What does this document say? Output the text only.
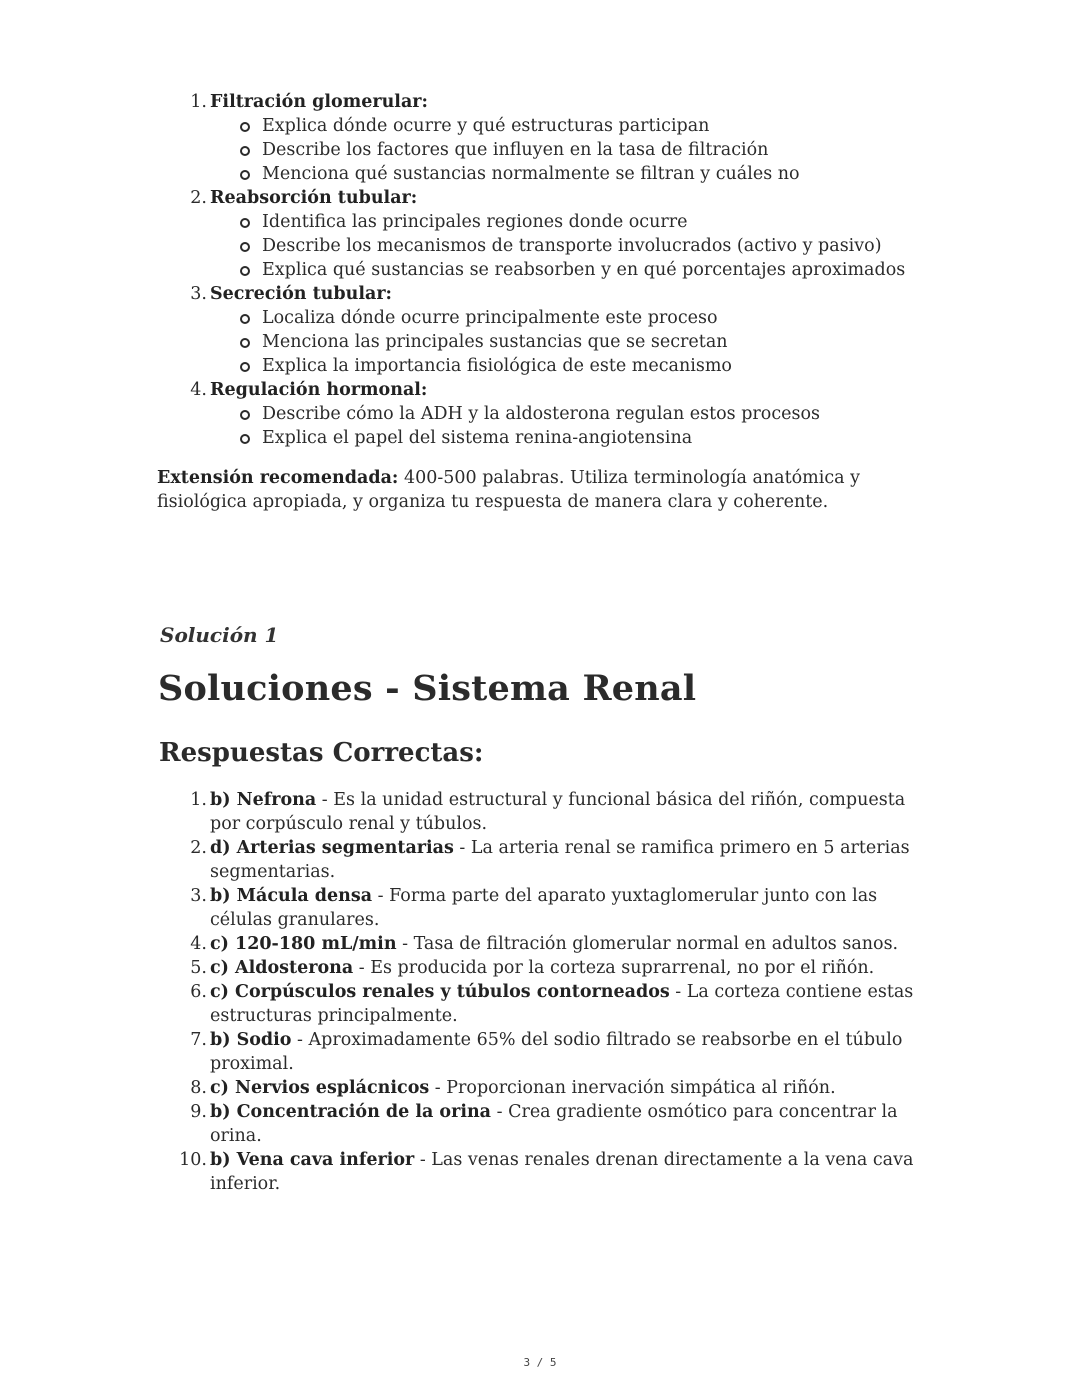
1. Filtración glomerular:
Explica dónde ocurre y qué estructuras participan
Describe los factores que influyen en la tasa de filtración
Menciona qué sustancias normalmente se filtran y cuáles no
2. Reabsorción tubular:
Identifica las principales regiones donde ocurre
Describe los mecanismos de transporte involucrados (activo y pasivo)
Explica qué sustancias se reabsorben y en qué porcentajes aproximados
3. Secreción tubular:
Localiza dónde ocurre principalmente este proceso
Menciona las principales sustancias que se secretan
Explica la importancia fisiológica de este mecanismo
4. Regulación hormonal:
Describe cómo la ADH y la aldosterona regulan estos procesos
Explica el papel del sistema renina-angiotensina

Extensión recomendada: 400-500 palabras. Utiliza terminología anatómica y fisiológica apropiada, y organiza tu respuesta de manera clara y coherente.

Solución 1

Soluciones - Sistema Renal
Respuestas Correctas:
1. b) Nefrona - Es la unidad estructural y funcional básica del riñón, compuesta por corpúsculo renal y túbulos.
2. d) Arterias segmentarias - La arteria renal se ramifica primero en 5 arterias segmentarias.
3. b) Mácula densa - Forma parte del aparato yuxtaglomerular junto con las células granulares.
4. c) 120-180 mL/min - Tasa de filtración glomerular normal en adultos sanos.
5. c) Aldosterona - Es producida por la corteza suprarrenal, no por el riñón.
6. c) Corpúsculos renales y túbulos contorneados - La corteza contiene estas estructuras principalmente.
7. b) Sodio - Aproximadamente 65% del sodio filtrado se reabsorbe en el túbulo proximal.
8. c) Nervios esplácnicos - Proporcionan inervación simpática al riñón.
9. b) Concentración de la orina - Crea gradiente osmótico para concentrar la orina.
10. b) Vena cava inferior - Las venas renales drenan directamente a la vena cava inferior.
3 / 5
